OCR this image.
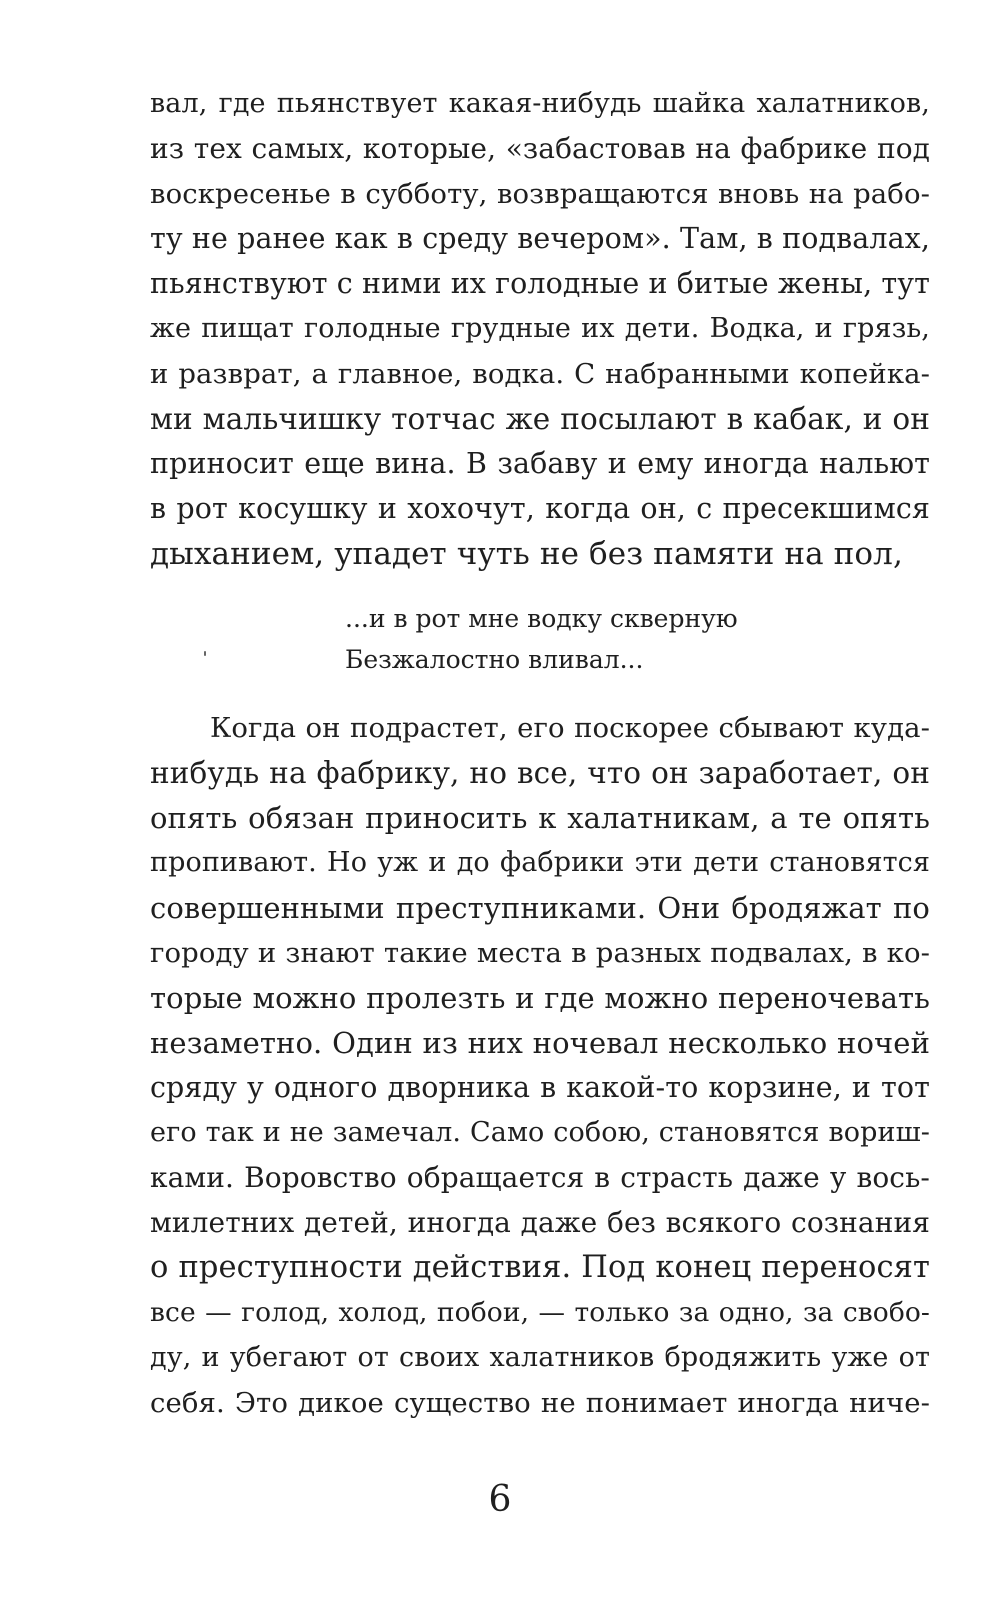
вал, где пьянствует какая-нибудь шайка халатников,

из тех самых, которые, «забастовав на фабрике под

воскресенье в субботу, возвращаются вновь на рабо-

ту не ранее как в среду вечером». Там, в подвалах,

пьянствуют с ними их голодные и битые жены, тут

же пищат голодные грудные их дети. Водка, и грязь,

и разврат, а главное, водка. С набранными копейка-

ми мальчишку тотчас же посылают в кабак, и он

приносит еще вина. В забаву и ему иногда нальют

в рот косушку и хохочут, когда он, с пресекшимся

дыханием, упадет чуть не без памяти на пол,

...и в рот мне водку скверную

Безжалостно вливал...

Когда он подрастет, его поскорее сбывают куда-

нибудь на фабрику, но все, что он заработает, он

опять обязан приносить к халатникам, а те опять

пропивают. Но уж и до фабрики эти дети становятся

совершенными преступниками. Они бродяжат по

городу и знают такие места в разных подвалах, в ко-

торые можно пролезть и где можно переночевать

незаметно. Один из них ночевал несколько ночей

сряду у одного дворника в какой-то корзине, и тот

его так и не замечал. Само собою, становятся вориш-

ками. Воровство обращается в страсть даже у вось-

милетних детей, иногда даже без всякого сознания

о преступности действия. Под конец переносят

все — голод, холод, побои, — только за одно, за свобо-

ду, и убегают от своих халатников бродяжить уже от

себя. Это дикое существо не понимает иногда ниче-

6
